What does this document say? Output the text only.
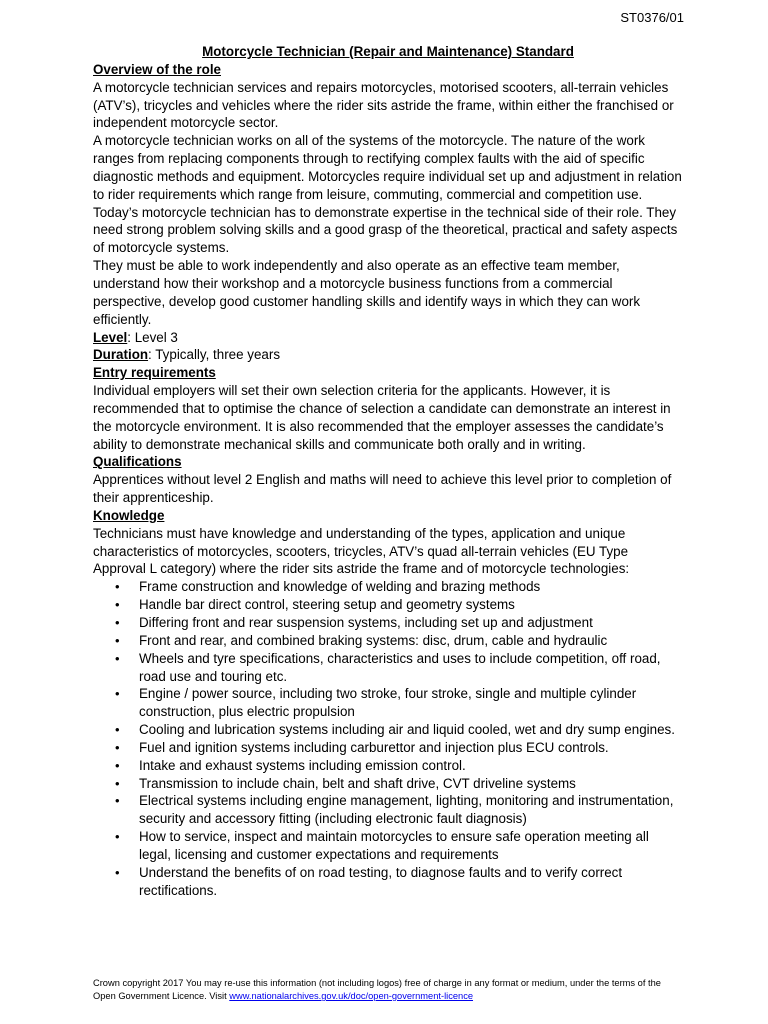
ST0376/01
Motorcycle Technician (Repair and Maintenance) Standard
Overview of the role

A motorcycle technician services and repairs motorcycles, motorised scooters, all-terrain vehicles (ATV’s), tricycles and vehicles where the rider sits astride the frame, within either the franchised or independent motorcycle sector.

A motorcycle technician works on all of the systems of the motorcycle. The nature of the work ranges from replacing components through to rectifying complex faults with the aid of specific diagnostic methods and equipment. Motorcycles require individual set up and adjustment in relation to rider requirements which range from leisure, commuting, commercial and competition use.

Today’s motorcycle technician has to demonstrate expertise in the technical side of their role. They need strong problem solving skills and a good grasp of the theoretical, practical and safety aspects of motorcycle systems.

They must be able to work independently and also operate as an effective team member, understand how their workshop and a motorcycle business functions from a commercial perspective, develop good customer handling skills and identify ways in which they can work efficiently.

Level: Level 3
Duration: Typically, three years
Entry requirements

Individual employers will set their own selection criteria for the applicants. However, it is recommended that to optimise the chance of selection a candidate can demonstrate an interest in the motorcycle environment. It is also recommended that the employer assesses the candidate’s ability to demonstrate mechanical skills and communicate both orally and in writing.

Qualifications

Apprentices without level 2 English and maths will need to achieve this level prior to completion of their apprenticeship.

Knowledge

Technicians must have knowledge and understanding of the types, application and unique characteristics of motorcycles, scooters, tricycles, ATV’s quad all-terrain vehicles (EU Type Approval L category) where the rider sits astride the frame and of motorcycle technologies:

• Frame construction and knowledge of welding and brazing methods
• Handle bar direct control, steering setup and geometry systems
• Differing front and rear suspension systems, including set up and adjustment
• Front and rear, and combined braking systems: disc, drum, cable and hydraulic
• Wheels and tyre specifications, characteristics and uses to include competition, off road, road use and touring etc.
• Engine / power source, including two stroke, four stroke, single and multiple cylinder construction, plus electric propulsion
• Cooling and lubrication systems including air and liquid cooled, wet and dry sump engines.
• Fuel and ignition systems including carburettor and injection plus ECU controls.
• Intake and exhaust systems including emission control.
• Transmission to include chain, belt and shaft drive, CVT driveline systems
• Electrical systems including engine management, lighting, monitoring and instrumentation, security and accessory fitting (including electronic fault diagnosis)
• How to service, inspect and maintain motorcycles to ensure safe operation meeting all legal, licensing and customer expectations and requirements
• Understand the benefits of on road testing, to diagnose faults and to verify correct rectifications.
Crown copyright 2017 You may re-use this information (not including logos) free of charge in any format or medium, under the terms of the Open Government Licence. Visit www.nationalarchives.gov.uk/doc/open-government-licence
